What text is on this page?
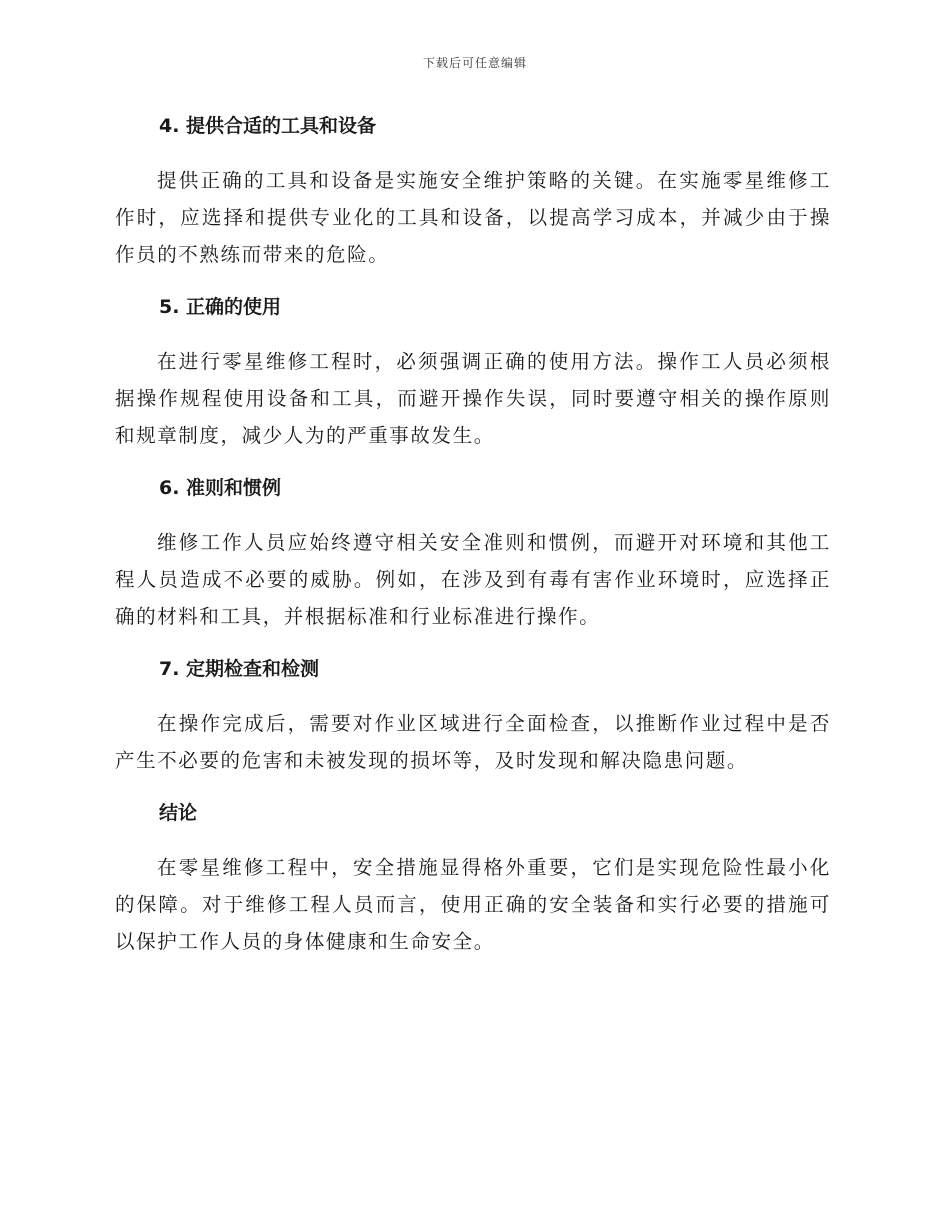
下载后可任意编辑
4. 提供合适的工具和设备

提供正确的工具和设备是实施安全维护策略的关键。在实施零星维修工作时，应选择和提供专业化的工具和设备，以提高学习成本，并减少由于操作员的不熟练而带来的危险。

5. 正确的使用

在进行零星维修工程时，必须强调正确的使用方法。操作工人员必须根据操作规程使用设备和工具，而避开操作失误，同时要遵守相关的操作原则和规章制度，减少人为的严重事故发生。

6. 准则和惯例

维修工作人员应始终遵守相关安全准则和惯例，而避开对环境和其他工程人员造成不必要的威胁。例如，在涉及到有毒有害作业环境时，应选择正确的材料和工具，并根据标准和行业标准进行操作。

7. 定期检查和检测

在操作完成后，需要对作业区域进行全面检查，以推断作业过程中是否产生不必要的危害和未被发现的损坏等，及时发现和解决隐患问题。

结论

在零星维修工程中，安全措施显得格外重要，它们是实现危险性最小化的保障。对于维修工程人员而言，使用正确的安全装备和实行必要的措施可以保护工作人员的身体健康和生命安全。
